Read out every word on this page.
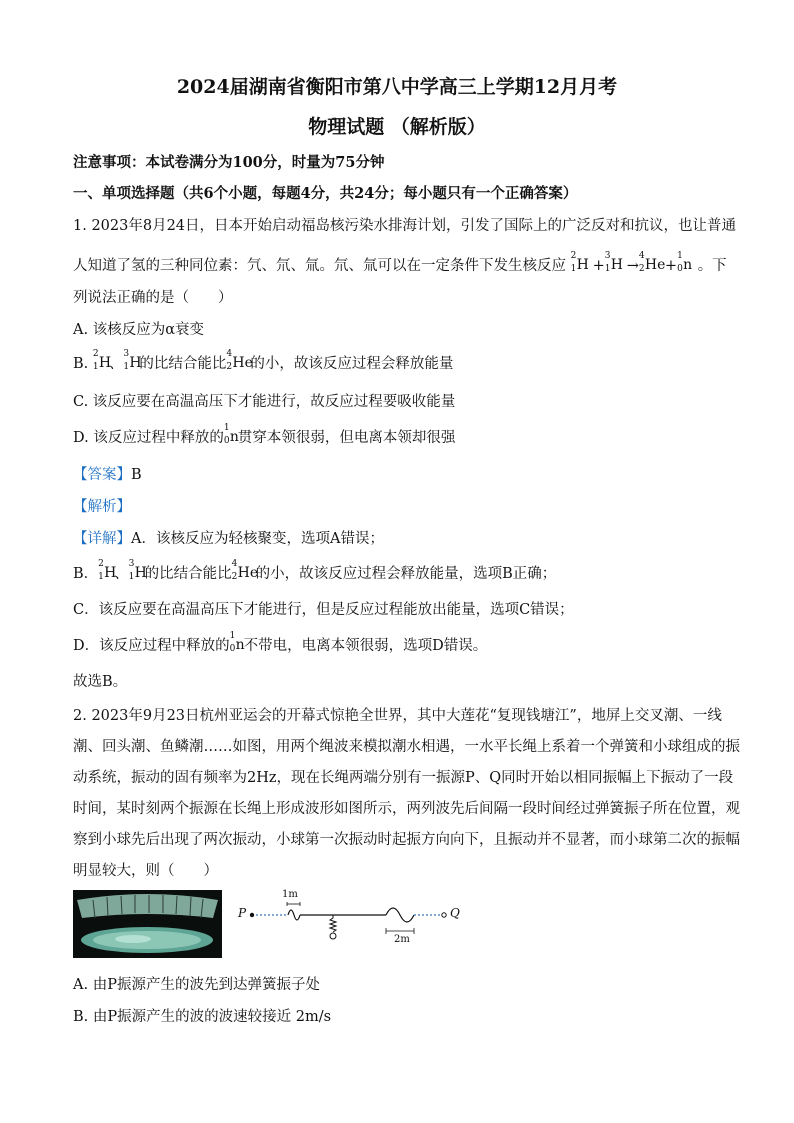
2024届湖南省衡阳市第八中学高三上学期12月月考
物理试题 （解析版）
注意事项：本试卷满分为100分，时量为75分钟
一、单项选择题（共6个小题，每题4分，共24分；每小题只有一个正确答案）
1. 2023年8月24日，日本开始启动福岛核污染水排海计划，引发了国际上的广泛反对和抗议，也让普通
人知道了氢的三种同位素：氕、氘、氚。氘、氚可以在一定条件下发生核反应
2
1 H +
3
1 H →
4
2 He +
1
0 n 。下
列说法正确的是（　　）
A. 该核反应为α衰变
B.
2
1 H
、
3
1 H
的比结合能比
4
2 He
的小，故该反应过程会释放能量
C. 该反应要在高温高压下才能进行，故反应过程要吸收能量
D. 该反应过程中释放的
1
0 n
贯穿本领很弱，但电离本领却很强
【答案】B
【解析】
【详解】A．该核反应为轻核聚变，选项A错误；
B．
2
1 H
、
3
1 H
的比结合能比
4
2 He
的小，故该反应过程会释放能量，选项B正确；
C．该反应要在高温高压下才能进行，但是反应过程能放出能量，选项C错误；
D．该反应过程中释放的
1
0 n
不带电，电离本领很弱，选项D错误。
故选B。
2. 2023年9月23日杭州亚运会的开幕式惊艳全世界，其中大莲花“复现钱塘江”，地屏上交叉潮、一线
潮、回头潮、鱼鳞潮……如图，用两个绳波来模拟潮水相遇，一水平长绳上系着一个弹簧和小球组成的振
动系统，振动的固有频率为2Hz，现在长绳两端分别有一振源P、Q同时开始以相同振幅上下振动了一段
时间，某时刻两个振源在长绳上形成波形如图所示，两列波先后间隔一段时间经过弹簧振子所在位置，观
察到小球先后出现了两次振动，小球第一次振动时起振方向向下，且振动并不显著，而小球第二次的振幅
明显较大，则（　　）
P	Q
1m
2m
A. 由P振源产生的波先到达弹簧振子处
B. 由P振源产生的波的波速较接近 2m/s
